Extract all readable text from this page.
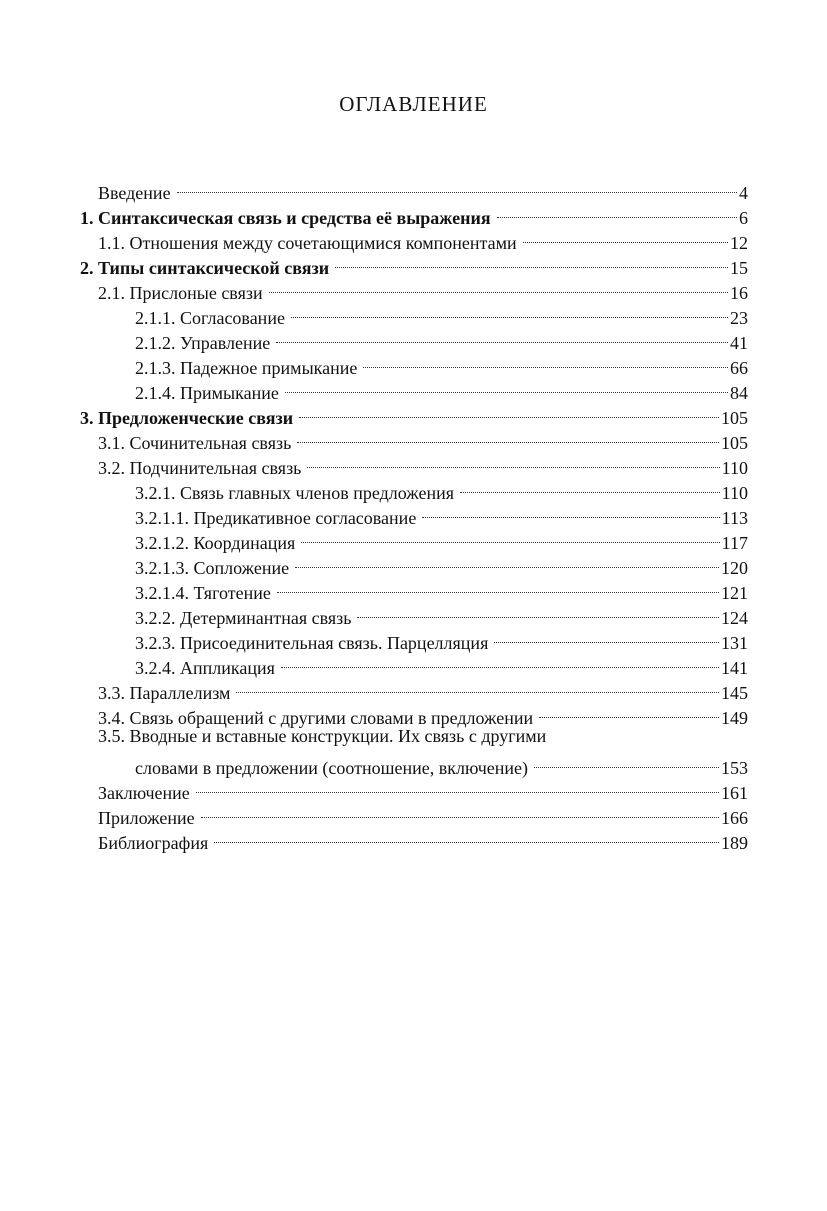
ОГЛАВЛЕНИЕ
Введение	4
1. Синтаксическая связь и средства её выражения	6
1.1. Отношения между сочетающимися компонентами	12
2. Типы синтаксической связи	15
2.1. Прислоные связи	16
2.1.1. Согласование	23
2.1.2. Управление	41
2.1.3. Падежное примыкание	66
2.1.4. Примыкание	84
3. Предложенческие связи	105
3.1. Сочинительная связь	105
3.2. Подчинительная связь	110
3.2.1. Связь главных членов предложения	110
3.2.1.1. Предикативное согласование	113
3.2.1.2. Координация	117
3.2.1.3. Сопложение	120
3.2.1.4. Тяготение	121
3.2.2. Детерминантная связь	124
3.2.3. Присоединительная связь. Парцелляция	131
3.2.4. Аппликация	141
3.3. Параллелизм	145
3.4. Связь обращений с другими словами в предложении	149
3.5. Вводные и вставные конструкции. Их связь с другими
словами в предложении (соотношение, включение)	153
Заключение	161
Приложение	166
Библиография	189
